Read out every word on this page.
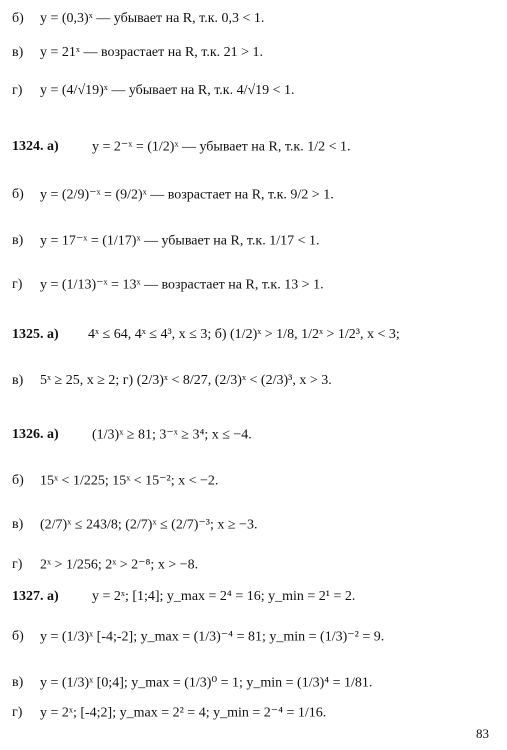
б) y = (0,3)ˣ — убывает на R, т.к. 0,3 < 1.
в) y = 21ˣ — возрастает на R, т.к. 21 > 1.
г) y = (4/√19)ˣ — убывает на R, т.к. 4/√19 < 1.
1324. а) y = 2⁻ˣ = (1/2)ˣ — убывает на R, т.к. 1/2 < 1.
б) y = (2/9)⁻ˣ = (9/2)ˣ — возрастает на R, т.к. 9/2 > 1.
в) y = 17⁻ˣ = (1/17)ˣ — убывает на R, т.к. 1/17 < 1.
г) y = (1/13)⁻ˣ = 13ˣ — возрастает на R, т.к. 13 > 1.
1325. а) 4ˣ ≤ 64, 4ˣ ≤ 4³, x ≤ 3; б) (1/2)ˣ > 1/8, 1/2ˣ > 1/2³, x < 3;
в) 5ˣ ≥ 25, x ≥ 2; г) (2/3)ˣ < 8/27, (2/3)ˣ < (2/3)³, x > 3.
1326. а) (1/3)ˣ ≥ 81; 3⁻ˣ ≥ 3⁴; x ≤ −4.
б) 15ˣ < 1/225; 15ˣ < 15⁻²; x < −2.
в) (2/7)ˣ ≤ 243/8; (2/7)ˣ ≤ (2/7)⁻³; x ≥ −3.
г) 2ˣ > 1/256; 2ˣ > 2⁻⁸; x > −8.
1327. а) y = 2ˣ; [1;4]; y_max = 2⁴ = 16; y_min = 2¹ = 2.
б) y = (1/3)ˣ [-4;-2]; y_max = (1/3)⁻⁴ = 81; y_min = (1/3)⁻² = 9.
в) y = (1/3)ˣ [0;4]; y_max = (1/3)⁰ = 1; y_min = (1/3)⁴ = 1/81.
г) y = 2ˣ; [-4;2]; y_max = 2² = 4; y_min = 2⁻⁴ = 1/16.
83
